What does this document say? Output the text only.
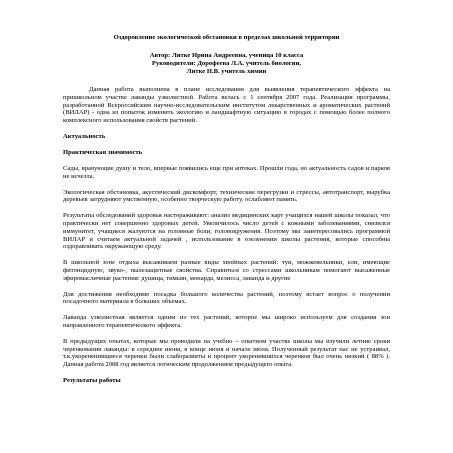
Оздоровление экологической обстановки в пределах школьной территории
Автор: Литке Ирина Андреевна, ученица 10 класса
Руководители: Дорофеева Л.А. учитель биологии,
Литке Н.В. учитель химии

Данная работа выполнена в плане исследования для выявления терапевтического эффекта на пришкольном участке лаванды узколистной. Работа велась с 1 сентября 2007 года. Реализация программы, разработанной Всероссийским научно-исследовательским институтом лекарственных и ароматических растений (ВИЛАР) - одна из попыток изменить экологию и ландшафтную ситуацию в городах с помощью более полного комплексного использования свойств растений.

Актуальность
Практическая значимость

Сады, врачующие душу и тело, впервые появились еще при аптеках. Прошли года, но актуальность садов и парков не исчезла.

Экологическая обстановка, акустический дискомфорт, технические перегрузки и стрессы, автотранспорт, вырубка деревьев затрудняют умственную, особенно творческую работу, ослабляют память.

Результаты обследований здоровья настораживают: анализ медицинских карт учащихся нашей школы показал, что практически нет совершенно здоровых детей. Увеличилось число детей с кожными заболеваниями, снизился иммунитет, учащиеся жалуются на головные боли, головокружения. Поэтому мы заинтересовались программой ВИЛАР и считаем актуальной задачей , использование в озеленении школы растения, которые способны оздоравливать окружающую среду.

В школьной зоне отдыха высаживаем разные виды хвойных растений: туи, можжевельники, ели, имеющие фитонцидную, звуко-, пылезащитные свойства. Справиться со стрессами школьникам помогают высаженные эфиромасличные растения: душица, тимьян, монарда, мелисса, лаванда и другие

Для достижения необходимо посадка большого количества растений, поэтому встает вопрос о получении посадочного материала в больших объемах.

Лаванда узколистная является одним из тех растений, которое мы широко используем для создания зон направленного терапевтического эффекта.

В предыдущих опытах, которые мы проводили на учебно – опытном участке школы мы изучили летние сроки черенкования лаванды: в середине июня, в конце июня и начале июля. Полученный результат нас не устраивал, т.к.укорененивщиеся черенки были слаборазвиты и процент укоренившихся черенков был очень низкий ( 88% ). Данная работа 2008 год является логическим продолжением предыдущего опыта.

Результаты работы
